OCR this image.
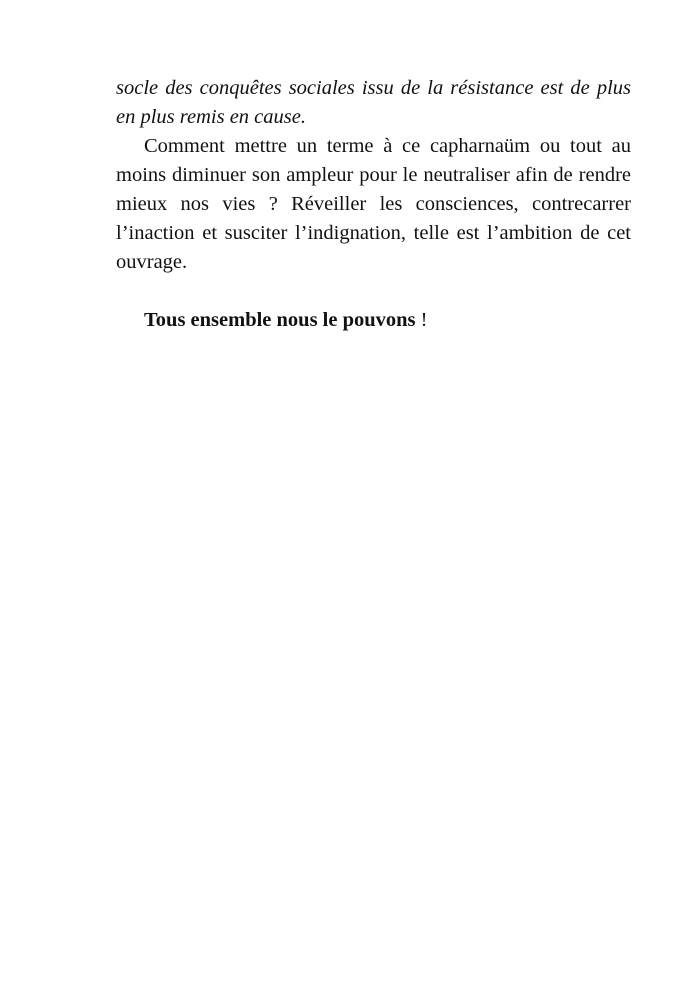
socle des conquêtes sociales issu de la résistance est de plus en plus remis en cause.

Comment mettre un terme à ce capharnaüm ou tout au moins diminuer son ampleur pour le neutraliser afin de rendre mieux nos vies ? Réveiller les consciences, contrecarrer l’inaction et susciter l’indignation, telle est l’ambition de cet ouvrage.

Tous ensemble nous le pouvons !
